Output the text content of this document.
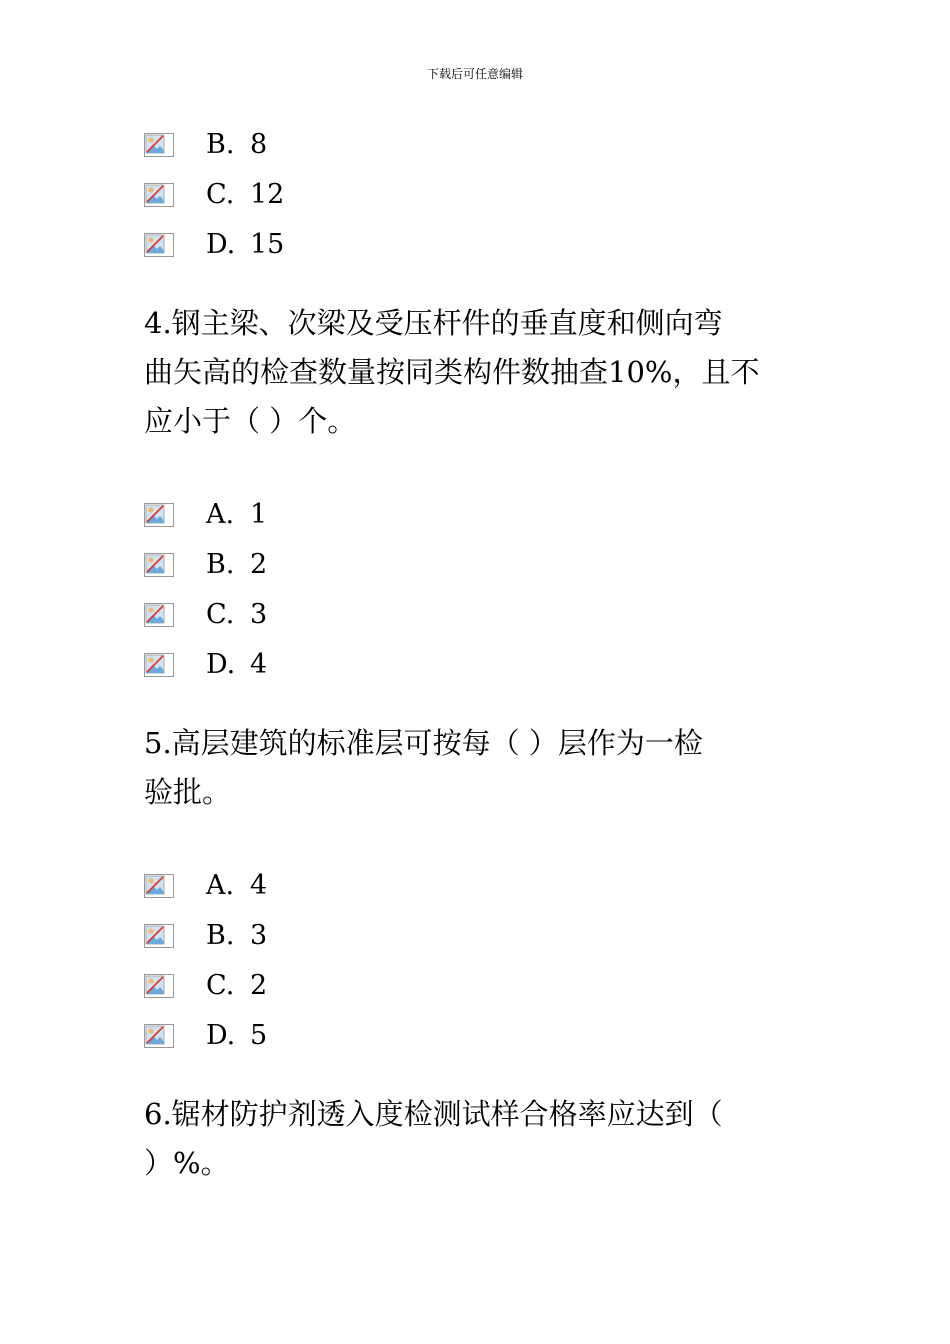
下载后可任意编辑
B. 8
C. 12
D. 15
4.钢主梁、次梁及受压杆件的垂直度和侧向弯
曲矢高的检查数量按同类构件数抽查10%，且不
应小于（ ）个。
A. 1
B. 2
C. 3
D. 4
5.高层建筑的标准层可按每（ ）层作为一检
验批。
A. 4
B. 3
C. 2
D. 5
6.锯材防护剂透入度检测试样合格率应达到（
）%。
